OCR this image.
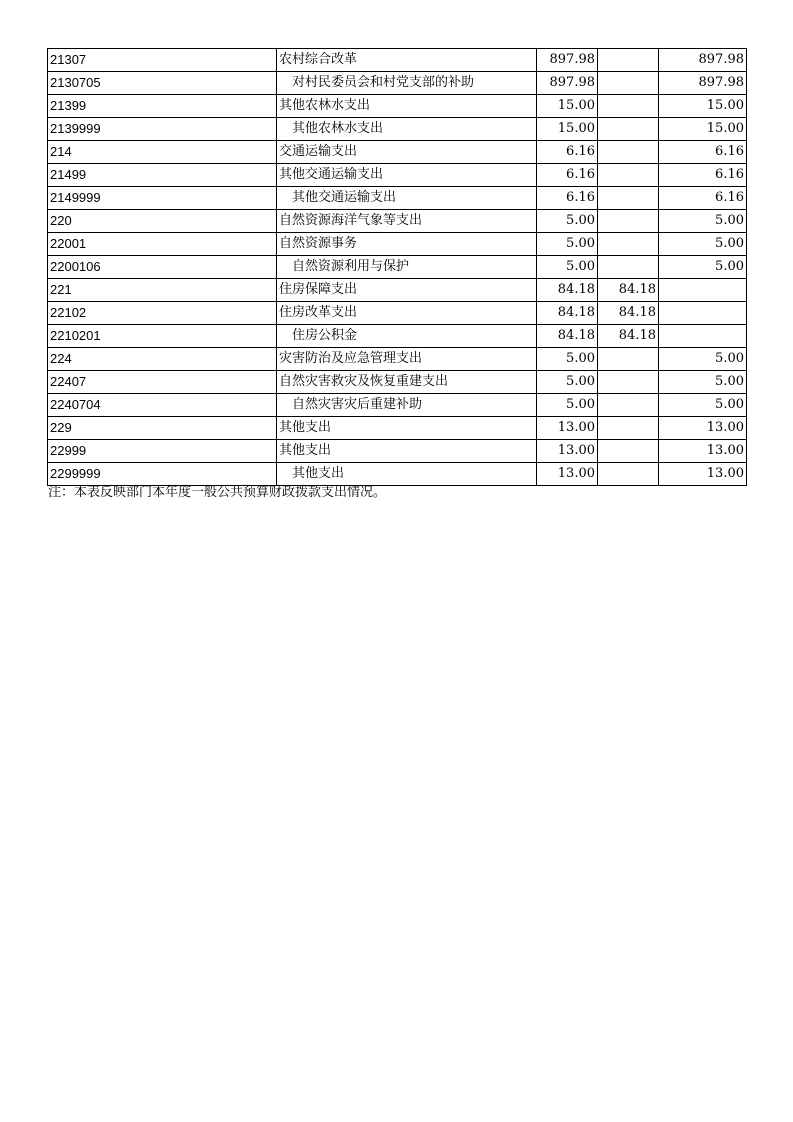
21307	农村综合改革	897.98		897.98
2130705	对村民委员会和村党支部的补助	897.98		897.98
21399	其他农林水支出	15.00		15.00
2139999	其他农林水支出	15.00		15.00
214	交通运输支出	6.16		6.16
21499	其他交通运输支出	6.16		6.16
2149999	其他交通运输支出	6.16		6.16
220	自然资源海洋气象等支出	5.00		5.00
22001	自然资源事务	5.00		5.00
2200106	自然资源利用与保护	5.00		5.00
221	住房保障支出	84.18	84.18	
22102	住房改革支出	84.18	84.18	
2210201	住房公积金	84.18	84.18	
224	灾害防治及应急管理支出	5.00		5.00
22407	自然灾害救灾及恢复重建支出	5.00		5.00
2240704	自然灾害灾后重建补助	5.00		5.00
229	其他支出	13.00		13.00
22999	其他支出	13.00		13.00
2299999	其他支出	13.00		13.00
注：本表反映部门本年度一般公共预算财政拨款支出情况。
